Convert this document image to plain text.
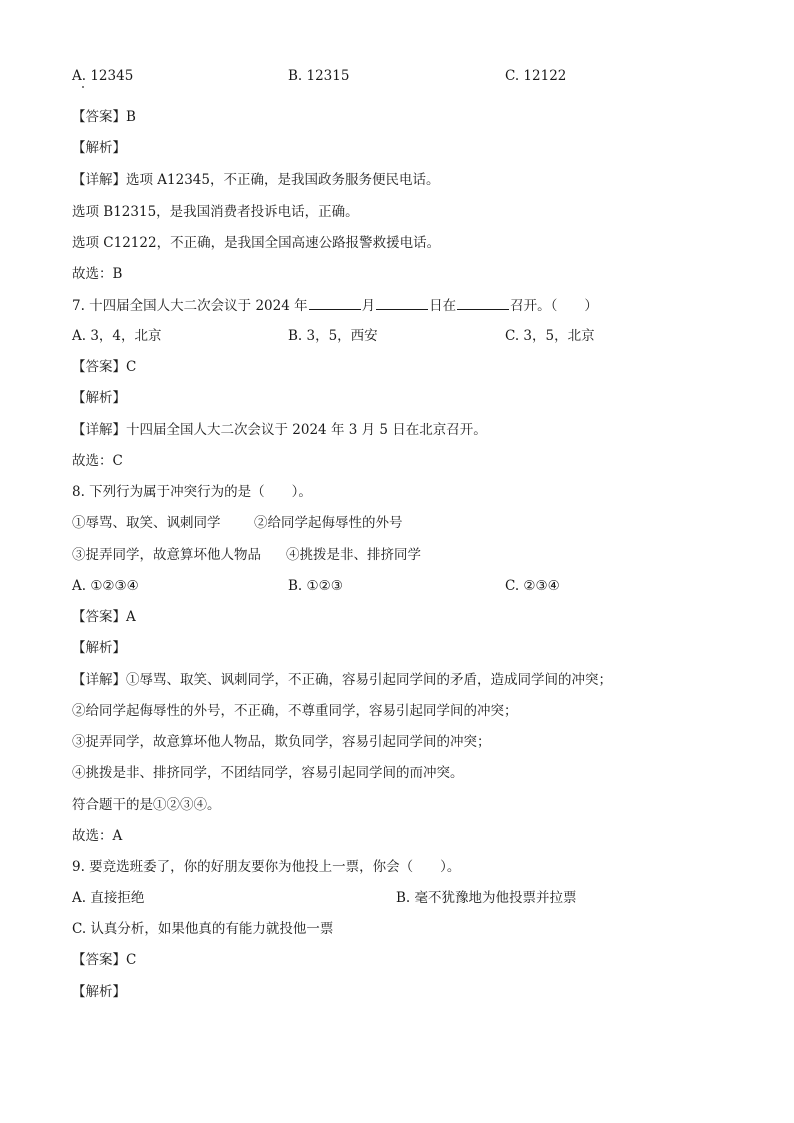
A. 12345	B. 12315	C. 12122
【答案】B
【解析】
【详解】选项 A12345，不正确，是我国政务服务便民电话。
选项 B12315，是我国消费者投诉电话，正确。
选项 C12122，不正确，是我国全国高速公路报警救援电话。
故选：B
7. 十四届全国人大二次会议于 2024 年	月	日在	召开。（　　）
A. 3，4，北京	B. 3，5，西安	C. 3，5，北京
【答案】C
【解析】
【详解】十四届全国人大二次会议于 2024 年 3 月 5 日在北京召开。
故选：C
8. 下列行为属于冲突行为的是（　　）。
①辱骂、取笑、讽刺同学 ②给同学起侮辱性的外号
③捉弄同学，故意算坏他人物品 ④挑拨是非、排挤同学
A. ①②③④	B. ①②③	C. ②③④
【答案】A
【解析】
【详解】①辱骂、取笑、讽刺同学，不正确，容易引起同学间的矛盾，造成同学间的冲突；
②给同学起侮辱性的外号，不正确，不尊重同学，容易引起同学间的冲突；
③捉弄同学，故意算坏他人物品，欺负同学，容易引起同学间的冲突；
④挑拨是非、排挤同学，不团结同学，容易引起同学间的而冲突。
符合题干的是①②③④。
故选：A
9. 要竞选班委了，你的好朋友要你为他投上一票，你会（　　）。
A. 直接拒绝	B. 毫不犹豫地为他投票并拉票
C. 认真分析，如果他真的有能力就投他一票
【答案】C
【解析】
